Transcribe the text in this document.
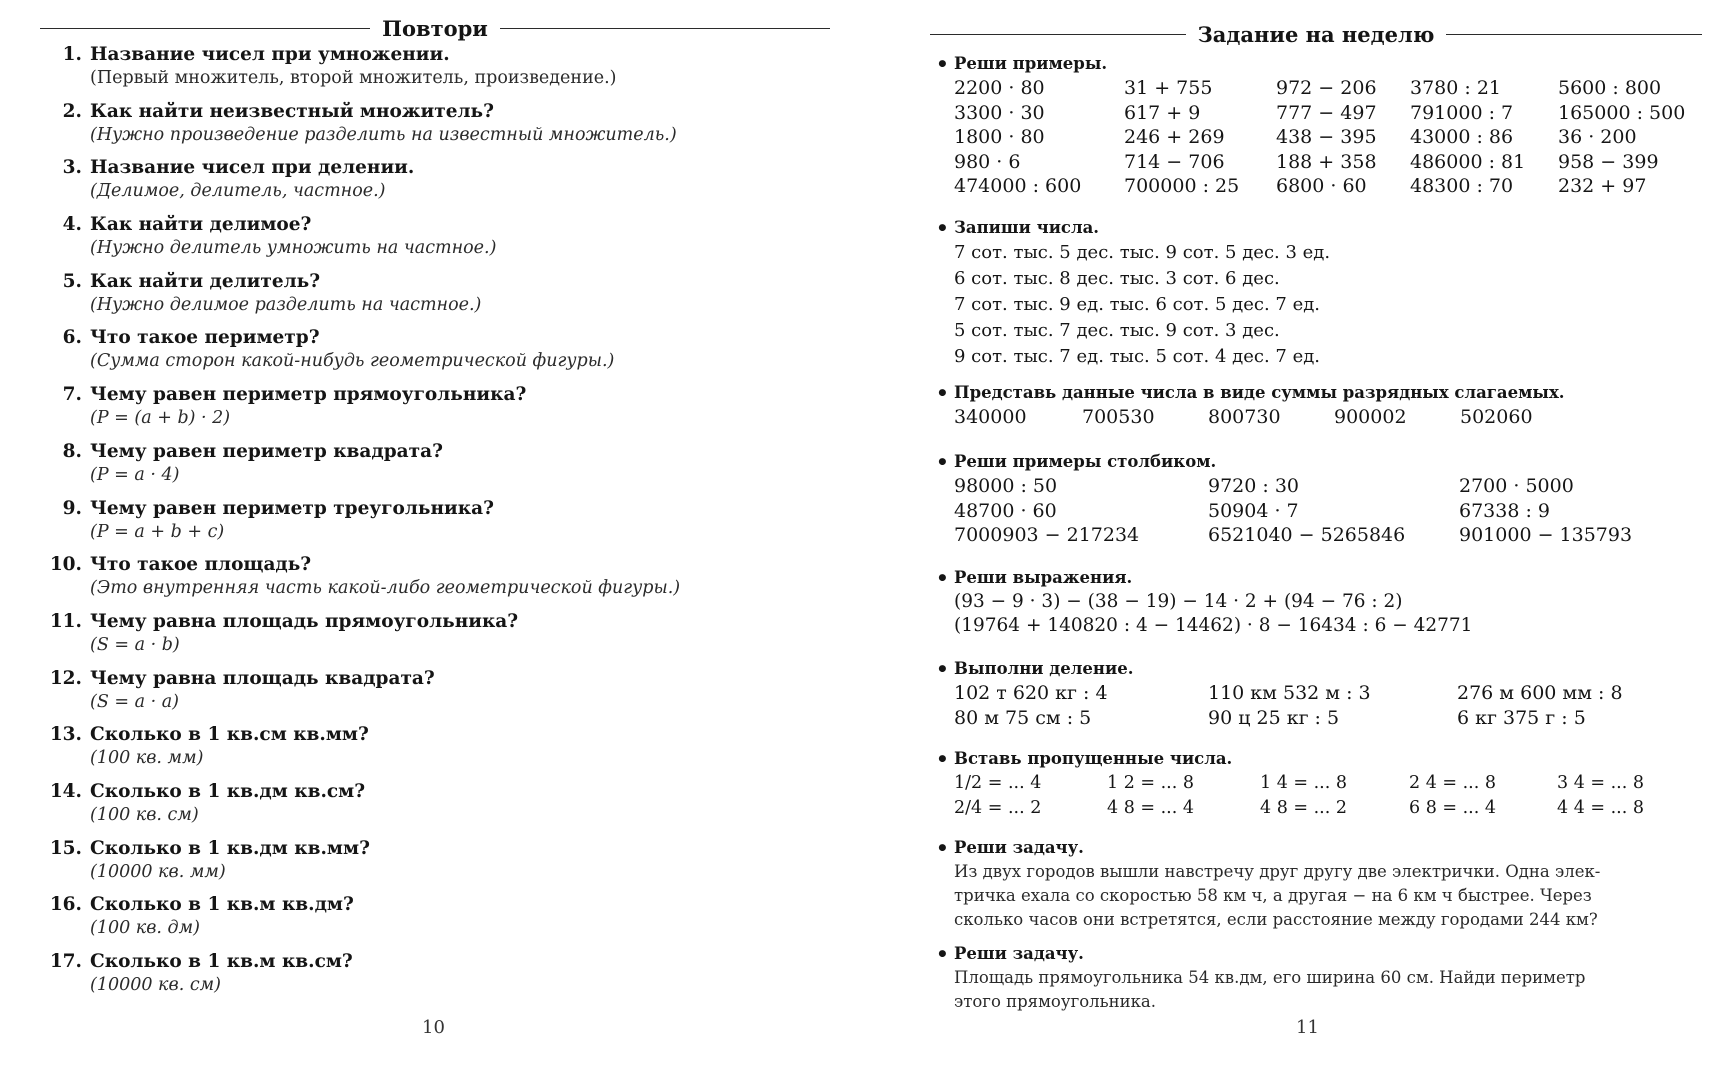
Повтори
1. Название чисел при умножении.
(Первый множитель, второй множитель, произведение.)
2. Как найти неизвестный множитель?
(Нужно произведение разделить на известный множитель.)
3. Название чисел при делении.
(Делимое, делитель, частное.)
4. Как найти делимое?
(Нужно делитель умножить на частное.)
5. Как найти делитель?
(Нужно делимое разделить на частное.)
6. Что такое периметр?
(Сумма сторон какой-нибудь геометрической фигуры.)
7. Чему равен периметр прямоугольника?
(P = (a + b) · 2)
8. Чему равен периметр квадрата?
(P = a · 4)
9. Чему равен периметр треугольника?
(P = a + b + c)
10. Что такое площадь?
(Это внутренняя часть какой-либо геометрической фигуры.)
11. Чему равна площадь прямоугольника?
(S = a · b)
12. Чему равна площадь квадрата?
(S = a · a)
13. Сколько в 1 кв.см кв.мм?
(100 кв. мм)
14. Сколько в 1 кв.дм кв.см?
(100 кв. см)
15. Сколько в 1 кв.дм кв.мм?
(10000 кв. мм)
16. Сколько в 1 кв.м кв.дм?
(100 кв. дм)
17. Сколько в 1 кв.м кв.см?
(10000 кв. см)
10
Задание на неделю
• Реши примеры.
2200 · 80	31 + 755	972 − 206	3780 : 21	5600 : 800
3300 · 30	617 + 9	777 − 497	791000 : 7	165000 : 500
1800 · 80	246 + 269	438 − 395	43000 : 86	36 · 200
980 · 6	714 − 706	188 + 358	486000 : 81	958 − 399
474000 : 600	700000 : 25	6800 · 60	48300 : 70	232 + 97
• Запиши числа.
7 сот. тыс. 5 дес. тыс. 9 сот. 5 дес. 3 ед.
6 сот. тыс. 8 дес. тыс. 3 сот. 6 дес.
7 сот. тыс. 9 ед. тыс. 6 сот. 5 дес. 7 ед.
5 сот. тыс. 7 дес. тыс. 9 сот. 3 дес.
9 сот. тыс. 7 ед. тыс. 5 сот. 4 дес. 7 ед.
• Представь данные числа в виде суммы разрядных слагаемых.
340000	700530	800730	900002	502060
• Реши примеры столбиком.
98000 : 50	9720 : 30	2700 · 5000
48700 · 60	50904 · 7	67338 : 9
7000903 − 217234	6521040 − 5265846	901000 − 135793
• Реши выражения.
(93 − 9 · 3) − (38 − 19) − 14 · 2 + (94 − 76 : 2)
(19764 + 140820 : 4 − 14462) · 8 − 16434 : 6 − 42771
• Выполни деление.
102 т 620 кг : 4	110 км 532 м : 3	276 м 600 мм : 8
80 м 75 см : 5	90 ц 25 кг : 5	6 кг 375 г : 5
• Вставь пропущенные числа.
1/2 = ... 4	1 2 = ... 8	1 4 = ... 8	2 4 = ... 8	3 4 = ... 8
2/4 = ... 2	4 8 = ... 4	4 8 = ... 2	6 8 = ... 4	4 4 = ... 8
• Реши задачу.
Из двух городов вышли навстречу друг другу две электрички. Одна элек-
тричка ехала со скоростью 58 км ч, а другая − на 6 км ч быстрее. Через
сколько часов они встретятся, если расстояние между городами 244 км?
• Реши задачу.
Площадь прямоугольника 54 кв.дм, его ширина 60 см. Найди периметр
этого прямоугольника.
11
